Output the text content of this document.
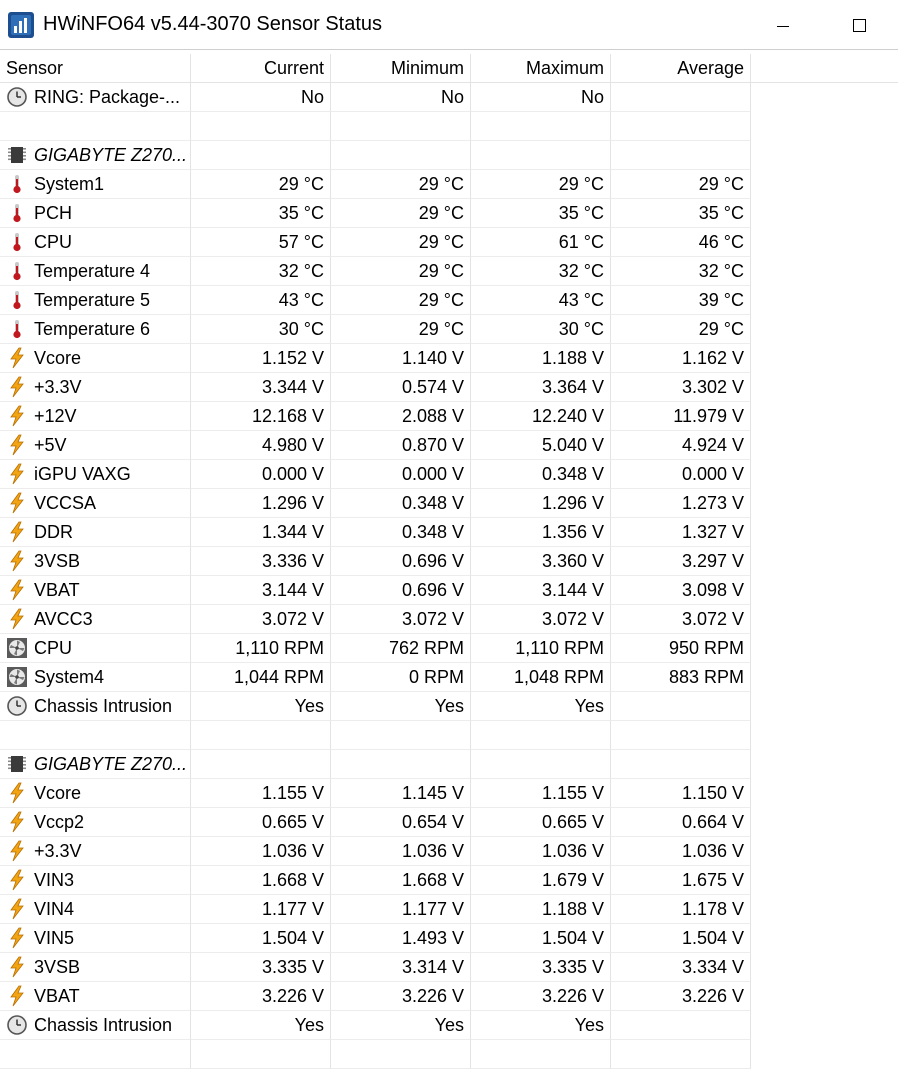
HWiNFO64 v5.44-3070 Sensor Status
Sensor	Current	Minimum	Maximum	Average
RING: Package-...	No	No	No
GIGABYTE Z270...
System1	29 °C	29 °C	29 °C	29 °C
PCH	35 °C	29 °C	35 °C	35 °C
CPU	57 °C	29 °C	61 °C	46 °C
Temperature 4	32 °C	29 °C	32 °C	32 °C
Temperature 5	43 °C	29 °C	43 °C	39 °C
Temperature 6	30 °C	29 °C	30 °C	29 °C
Vcore	1.152 V	1.140 V	1.188 V	1.162 V
+3.3V	3.344 V	0.574 V	3.364 V	3.302 V
+12V	12.168 V	2.088 V	12.240 V	11.979 V
+5V	4.980 V	0.870 V	5.040 V	4.924 V
iGPU VAXG	0.000 V	0.000 V	0.348 V	0.000 V
VCCSA	1.296 V	0.348 V	1.296 V	1.273 V
DDR	1.344 V	0.348 V	1.356 V	1.327 V
3VSB	3.336 V	0.696 V	3.360 V	3.297 V
VBAT	3.144 V	0.696 V	3.144 V	3.098 V
AVCC3	3.072 V	3.072 V	3.072 V	3.072 V
CPU	1,110 RPM	762 RPM	1,110 RPM	950 RPM
System4	1,044 RPM	0 RPM	1,048 RPM	883 RPM
Chassis Intrusion	Yes	Yes	Yes
GIGABYTE Z270...
Vcore	1.155 V	1.145 V	1.155 V	1.150 V
Vccp2	0.665 V	0.654 V	0.665 V	0.664 V
+3.3V	1.036 V	1.036 V	1.036 V	1.036 V
VIN3	1.668 V	1.668 V	1.679 V	1.675 V
VIN4	1.177 V	1.177 V	1.188 V	1.178 V
VIN5	1.504 V	1.493 V	1.504 V	1.504 V
3VSB	3.335 V	3.314 V	3.335 V	3.334 V
VBAT	3.226 V	3.226 V	3.226 V	3.226 V
Chassis Intrusion	Yes	Yes	Yes
